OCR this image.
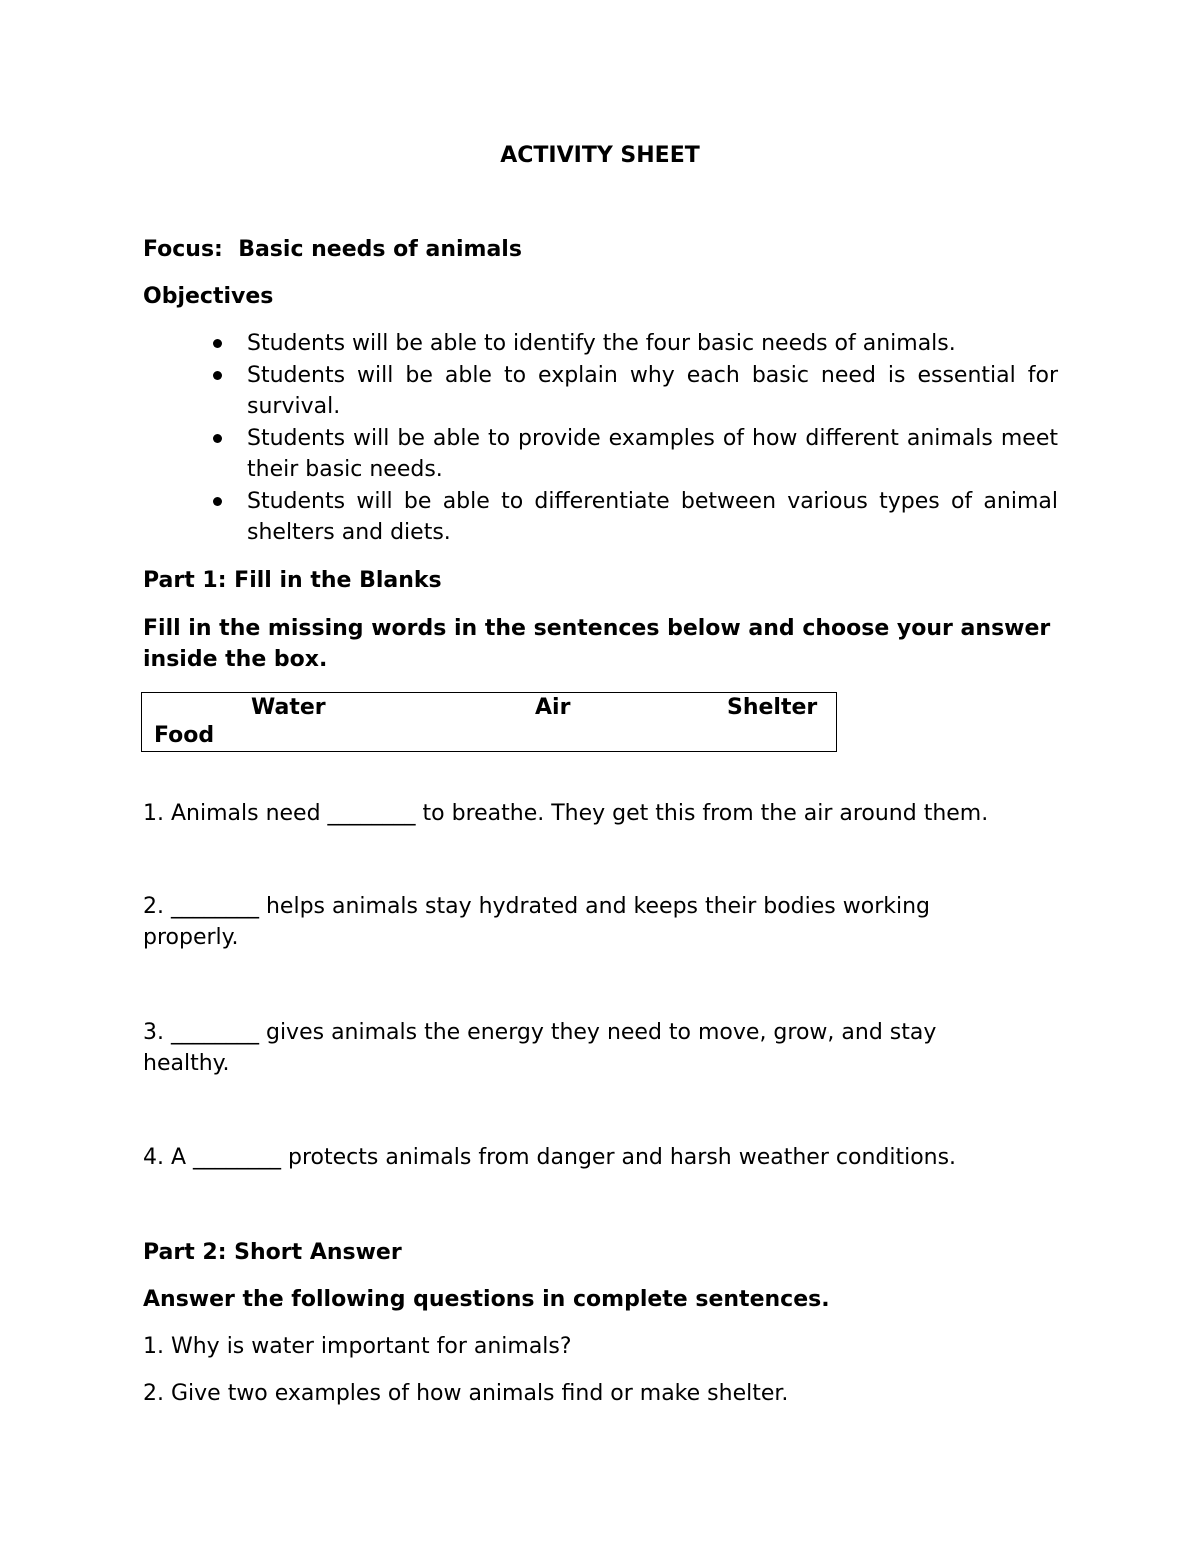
ACTIVITY SHEET
Focus: Basic needs of animals
Objectives
Students will be able to identify the four basic needs of animals.
Students will be able to explain why each basic need is essential for survival.
Students will be able to provide examples of how different animals meet their basic needs.
Students will be able to differentiate between various types of animal shelters and diets.
Part 1: Fill in the Blanks
Fill in the missing words in the sentences below and choose your answer inside the box.
Water	Air	Shelter
Food
1. Animals need ________ to breathe. They get this from the air around them.
2. ________ helps animals stay hydrated and keeps their bodies working properly.
3. ________ gives animals the energy they need to move, grow, and stay healthy.
4. A ________ protects animals from danger and harsh weather conditions.
Part 2: Short Answer
Answer the following questions in complete sentences.
1. Why is water important for animals?
2. Give two examples of how animals find or make shelter.
